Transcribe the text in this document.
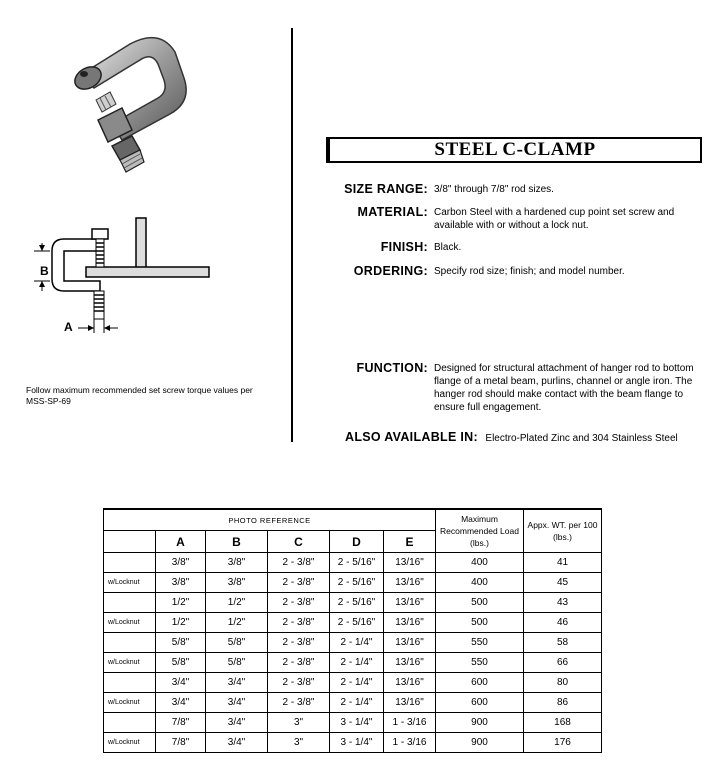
B
A
Follow maximum recommended set screw torque values per MSS-SP-69
STEEL C-CLAMP
SIZE RANGE: 3/8" through 7/8" rod sizes.
MATERIAL: Carbon Steel with a hardened cup point set screw and available with or without a lock nut.
FINISH: Black.
ORDERING: Specify rod size; finish; and model number.
FUNCTION: Designed for structural attachment of hanger rod to bottom flange of a metal beam, purlins, channel or angle iron. The hanger rod should make contact with the beam flange to ensure full engagement.
ALSO AVAILABLE IN: Electro-Plated Zinc and 304 Stainless Steel
PHOTO REFERENCE						Maximum Recommended Load (lbs.)	Appx. WT. per 100 (lbs.)
	A	B	C	D	E		
	3/8"	3/8"	2 - 3/8"	2 - 5/16"	13/16"	400	41
w/Locknut	3/8"	3/8"	2 - 3/8"	2 - 5/16"	13/16"	400	45
	1/2"	1/2"	2 - 3/8"	2 - 5/16"	13/16"	500	43
w/Locknut	1/2"	1/2"	2 - 3/8"	2 - 5/16"	13/16"	500	46
	5/8"	5/8"	2 - 3/8"	2 - 1/4"	13/16"	550	58
w/Locknut	5/8"	5/8"	2 - 3/8"	2 - 1/4"	13/16"	550	66
	3/4"	3/4"	2 - 3/8"	2 - 1/4"	13/16"	600	80
w/Locknut	3/4"	3/4"	2 - 3/8"	2 - 1/4"	13/16"	600	86
	7/8"	3/4"	3"	3 - 1/4"	1 - 3/16	900	168
w/Locknut	7/8"	3/4"	3"	3 - 1/4"	1 - 3/16	900	176
